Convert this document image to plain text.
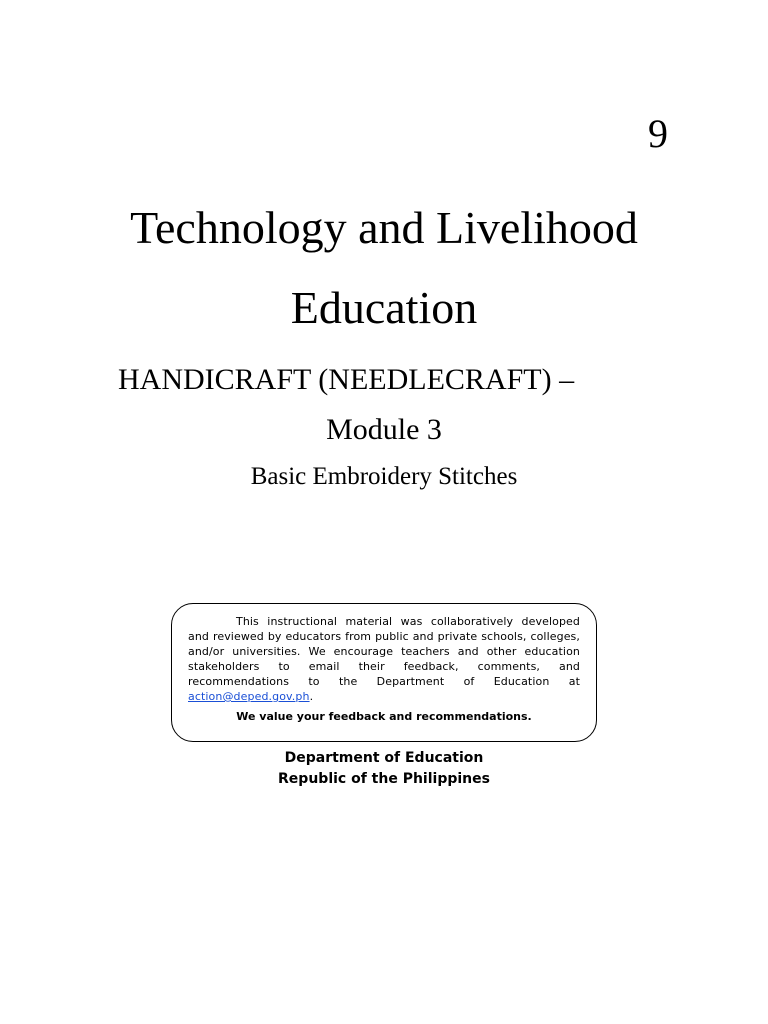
9
Technology and Livelihood
Education
HANDICRAFT (NEEDLECRAFT) –
Module 3
Basic Embroidery Stitches

This instructional material was collaboratively developed and reviewed by educators from public and private schools, colleges, and/or universities. We encourage teachers and other education stakeholders to email their feedback, comments, and recommendations to the Department of Education at action@deped.gov.ph.

We value your feedback and recommendations.
Department of Education
Republic of the Philippines
